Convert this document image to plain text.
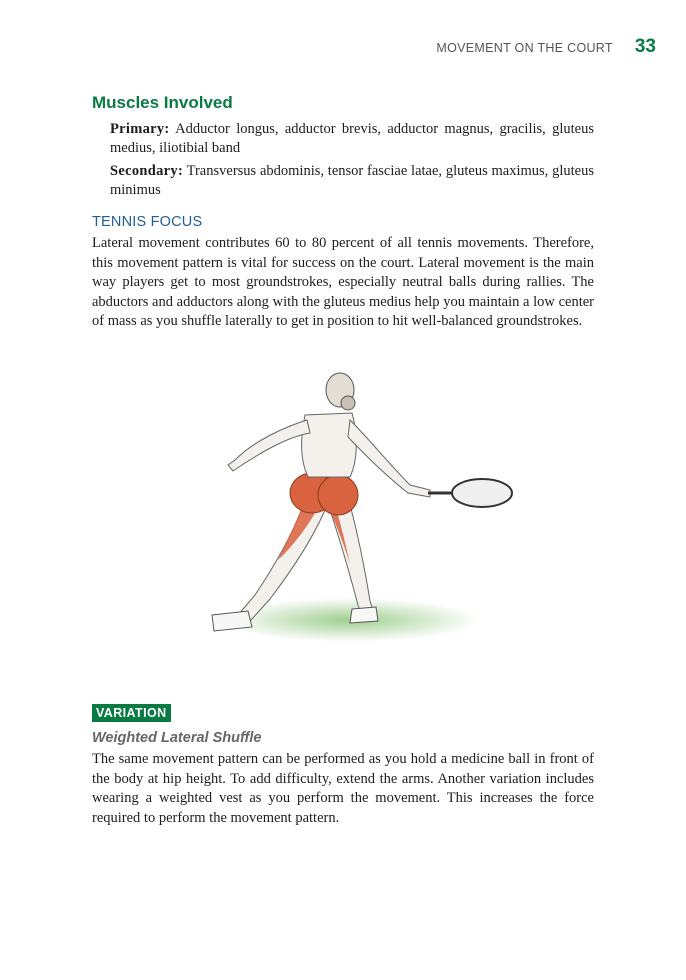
MOVEMENT ON THE COURT 33
Muscles Involved

Primary: Adductor longus, adductor brevis, adductor magnus, gracilis, gluteus medius, iliotibial band

Secondary: Transversus abdominis, tensor fasciae latae, gluteus maximus, gluteus minimus

TENNIS FOCUS

Lateral movement contributes 60 to 80 percent of all tennis movements. Therefore, this movement pattern is vital for success on the court. Lateral movement is the main way players get to most groundstrokes, especially neutral balls during rallies. The abductors and adductors along with the gluteus medius help you maintain a low center of mass as you shuffle laterally to get in position to hit well-balanced groundstrokes.

VARIATION
Weighted Lateral Shuffle

The same movement pattern can be performed as you hold a medicine ball in front of the body at hip height. To add difficulty, extend the arms. Another variation includes wearing a weighted vest as you perform the movement. This increases the force required to perform the movement pattern.
